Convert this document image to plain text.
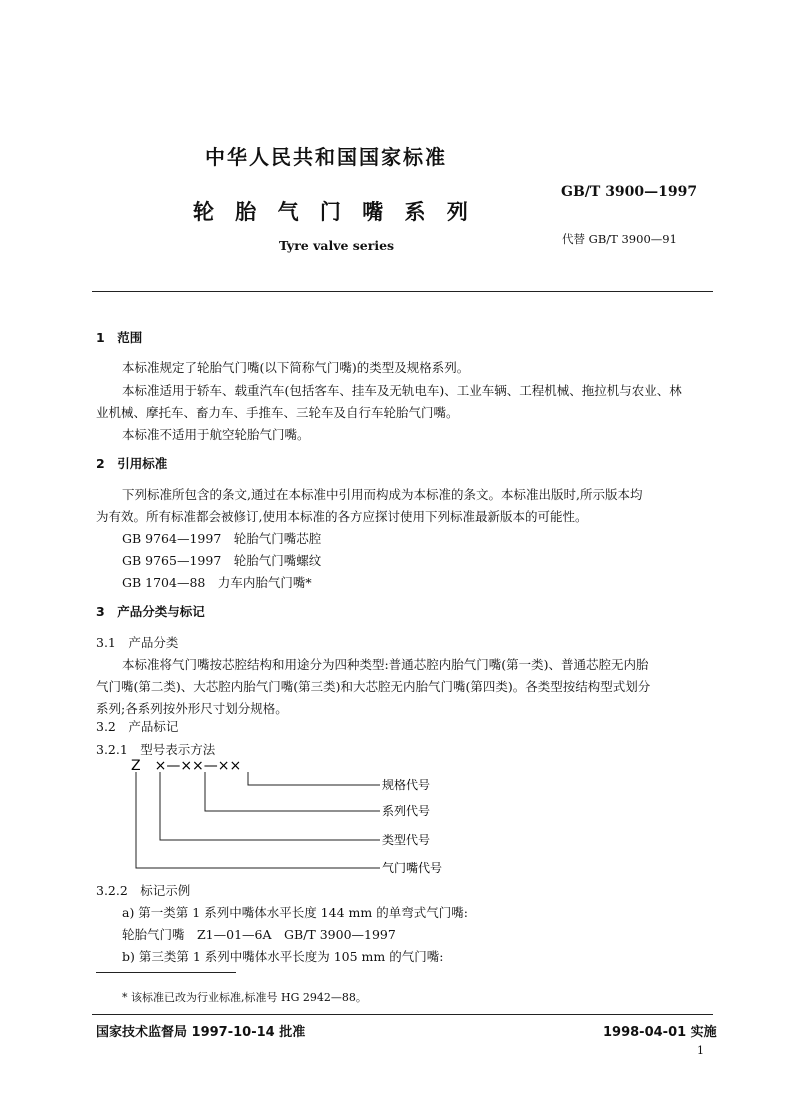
中华人民共和国国家标准
轮 胎 气 门 嘴 系 列
Tyre valve series
GB/T 3900—1997
代替 GB/T 3900—91
1　范围
本标准规定了轮胎气门嘴(以下简称气门嘴)的类型及规格系列。
本标准适用于轿车、载重汽车(包括客车、挂车及无轨电车)、工业车辆、工程机械、拖拉机与农业、林
业机械、摩托车、畜力车、手推车、三轮车及自行车轮胎气门嘴。
本标准不适用于航空轮胎气门嘴。
2　引用标准
下列标准所包含的条文,通过在本标准中引用而构成为本标准的条文。本标准出版时,所示版本均
为有效。所有标准都会被修订,使用本标准的各方应探讨使用下列标准最新版本的可能性。
GB 9764—1997　轮胎气门嘴芯腔
GB 9765—1997　轮胎气门嘴螺纹
GB 1704—88　力车内胎气门嘴*
3　产品分类与标记
3.1　产品分类
本标准将气门嘴按芯腔结构和用途分为四种类型:普通芯腔内胎气门嘴(第一类)、普通芯腔无内胎
气门嘴(第二类)、大芯腔内胎气门嘴(第三类)和大芯腔无内胎气门嘴(第四类)。各类型按结构型式划分
系列;各系列按外形尺寸划分规格。
3.2　产品标记
3.2.1　型号表示方法
Z　×—××—××
规格代号
系列代号
类型代号
气门嘴代号
3.2.2　标记示例
a) 第一类第 1 系列中嘴体水平长度 144 mm 的单弯式气门嘴:
轮胎气门嘴　Z1—01—6A　GB/T 3900—1997
b) 第三类第 1 系列中嘴体水平长度为 105 mm 的气门嘴:
* 该标准已改为行业标准,标准号 HG 2942—88。
国家技术监督局 1997-10-14 批准	1998-04-01 实施
1
